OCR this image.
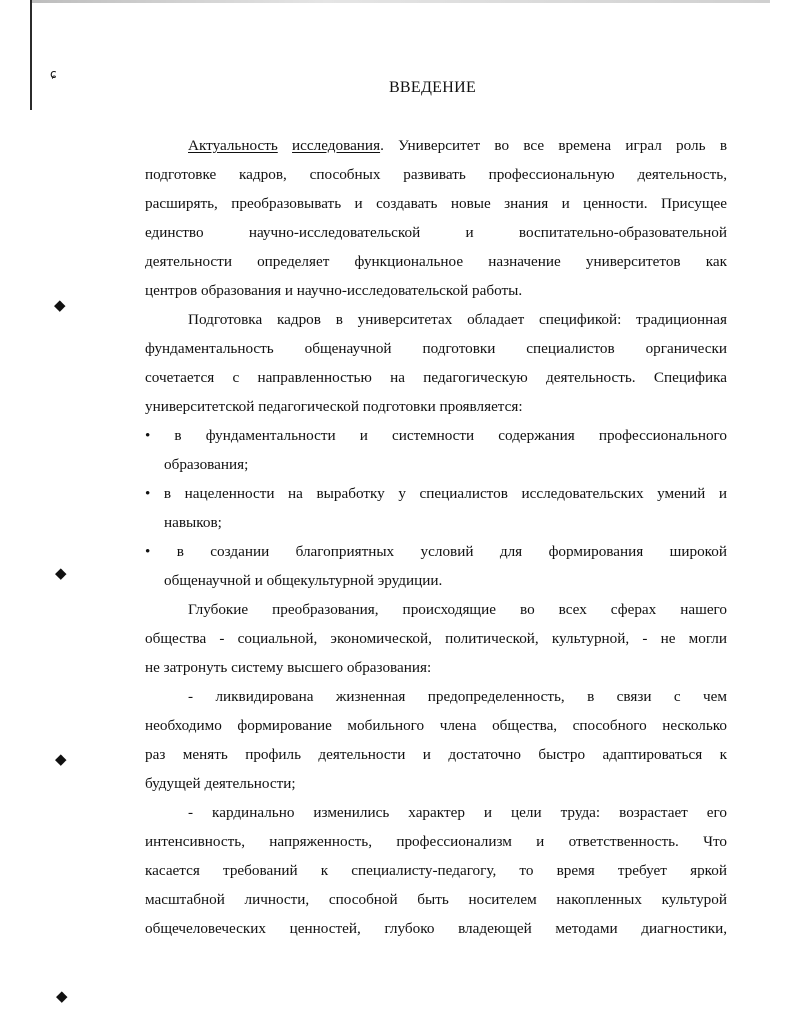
ɕ
◆
◆
◆
◆
ВВЕДЕНИЕ
Актуальность исследования. Университет во все времена играл роль в
подготовке кадров, способных развивать профессиональную деятельность,
расширять, преобразовывать и создавать новые знания и ценности. Присущее
единство научно-исследовательской и воспитательно-образовательной
деятельности определяет функциональное назначение университетов как
центров образования и научно-исследовательской работы.
Подготовка кадров в университетах обладает спецификой: традиционная
фундаментальность общенаучной подготовки специалистов органически
сочетается с направленностью на педагогическую деятельность. Специфика
университетской педагогической подготовки проявляется:
• в фундаментальности и системности содержания профессионального
образования;
• в нацеленности на выработку у специалистов исследовательских умений и
навыков;
• в создании благоприятных условий для формирования широкой
общенаучной и общекультурной эрудиции.
Глубокие преобразования, происходящие во всех сферах нашего
общества - социальной, экономической, политической, культурной, - не могли
не затронуть систему высшего образования:
- ликвидирована жизненная предопределенность, в связи с чем
необходимо формирование мобильного члена общества, способного несколько
раз менять профиль деятельности и достаточно быстро адаптироваться к
будущей деятельности;
- кардинально изменились характер и цели труда: возрастает его
интенсивность, напряженность, профессионализм и ответственность. Что
касается требований к специалисту-педагогу, то время требует яркой
масштабной личности, способной быть носителем накопленных культурой
общечеловеческих ценностей, глубоко владеющей методами диагностики,
